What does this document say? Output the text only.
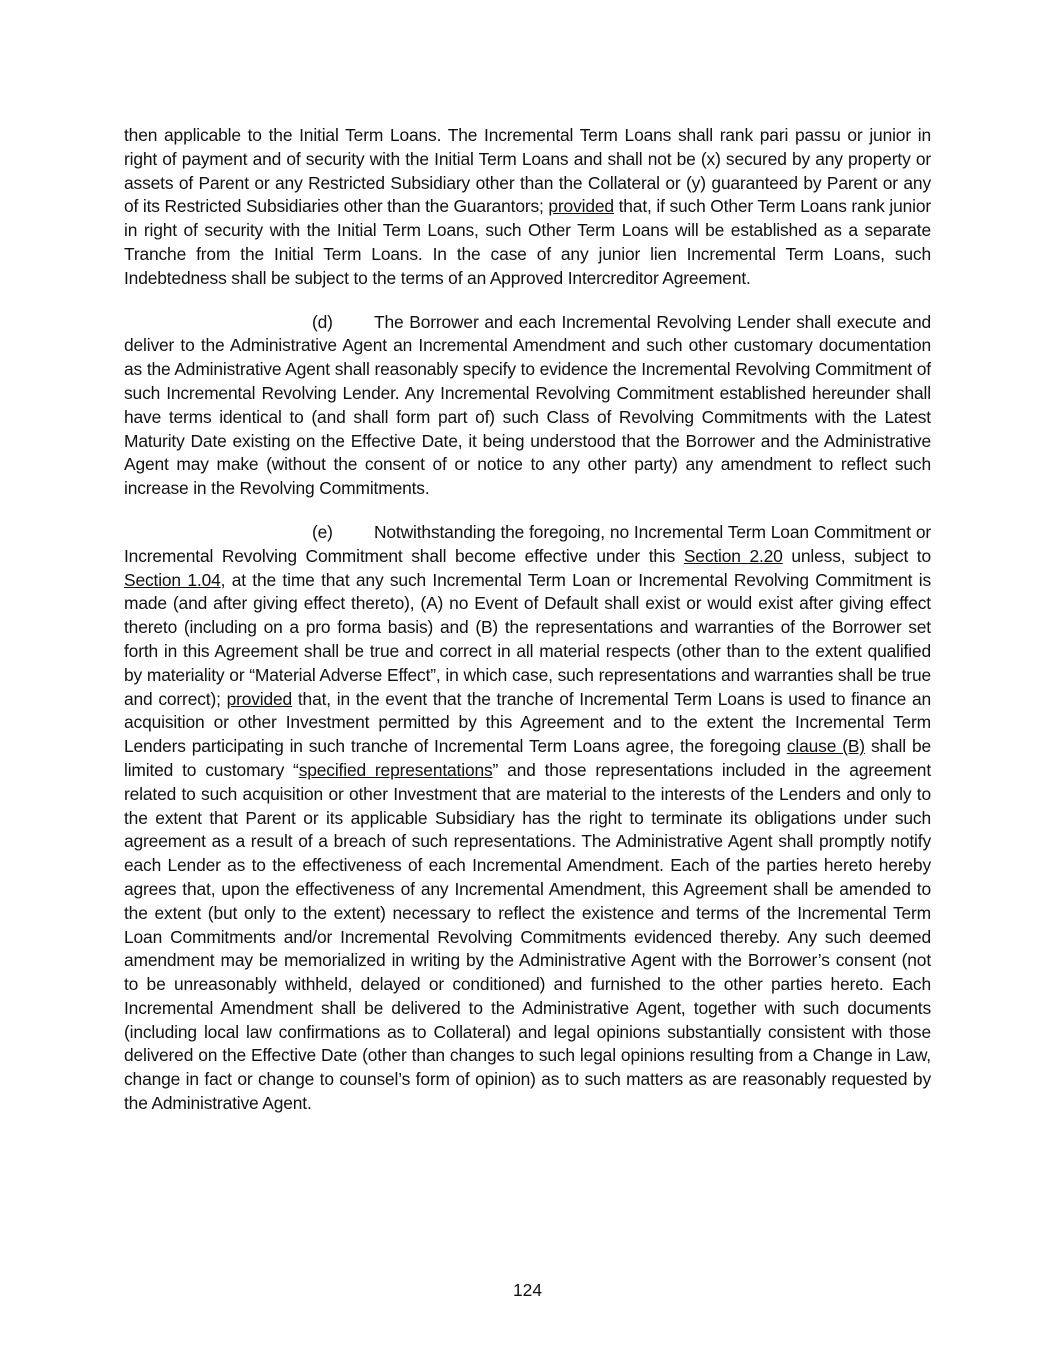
then applicable to the Initial Term Loans. The Incremental Term Loans shall rank pari passu or junior in right of payment and of security with the Initial Term Loans and shall not be (x) secured by any property or assets of Parent or any Restricted Subsidiary other than the Collateral or (y) guaranteed by Parent or any of its Restricted Subsidiaries other than the Guarantors; provided that, if such Other Term Loans rank junior in right of security with the Initial Term Loans, such Other Term Loans will be established as a separate Tranche from the Initial Term Loans. In the case of any junior lien Incremental Term Loans, such Indebtedness shall be subject to the terms of an Approved Intercreditor Agreement.

(d) The Borrower and each Incremental Revolving Lender shall execute and deliver to the Administrative Agent an Incremental Amendment and such other customary documentation as the Administrative Agent shall reasonably specify to evidence the Incremental Revolving Commitment of such Incremental Revolving Lender. Any Incremental Revolving Commitment established hereunder shall have terms identical to (and shall form part of) such Class of Revolving Commitments with the Latest Maturity Date existing on the Effective Date, it being understood that the Borrower and the Administrative Agent may make (without the consent of or notice to any other party) any amendment to reflect such increase in the Revolving Commitments.

(e) Notwithstanding the foregoing, no Incremental Term Loan Commitment or Incremental Revolving Commitment shall become effective under this Section 2.20 unless, subject to Section 1.04, at the time that any such Incremental Term Loan or Incremental Revolving Commitment is made (and after giving effect thereto), (A) no Event of Default shall exist or would exist after giving effect thereto (including on a pro forma basis) and (B) the representations and warranties of the Borrower set forth in this Agreement shall be true and correct in all material respects (other than to the extent qualified by materiality or “Material Adverse Effect”, in which case, such representations and warranties shall be true and correct); provided that, in the event that the tranche of Incremental Term Loans is used to finance an acquisition or other Investment permitted by this Agreement and to the extent the Incremental Term Lenders participating in such tranche of Incremental Term Loans agree, the foregoing clause (B) shall be limited to customary “specified representations” and those representations included in the agreement related to such acquisition or other Investment that are material to the interests of the Lenders and only to the extent that Parent or its applicable Subsidiary has the right to terminate its obligations under such agreement as a result of a breach of such representations. The Administrative Agent shall promptly notify each Lender as to the effectiveness of each Incremental Amendment. Each of the parties hereto hereby agrees that, upon the effectiveness of any Incremental Amendment, this Agreement shall be amended to the extent (but only to the extent) necessary to reflect the existence and terms of the Incremental Term Loan Commitments and/or Incremental Revolving Commitments evidenced thereby. Any such deemed amendment may be memorialized in writing by the Administrative Agent with the Borrower’s consent (not to be unreasonably withheld, delayed or conditioned) and furnished to the other parties hereto. Each Incremental Amendment shall be delivered to the Administrative Agent, together with such documents (including local law confirmations as to Collateral) and legal opinions substantially consistent with those delivered on the Effective Date (other than changes to such legal opinions resulting from a Change in Law, change in fact or change to counsel’s form of opinion) as to such matters as are reasonably requested by the Administrative Agent.

124
